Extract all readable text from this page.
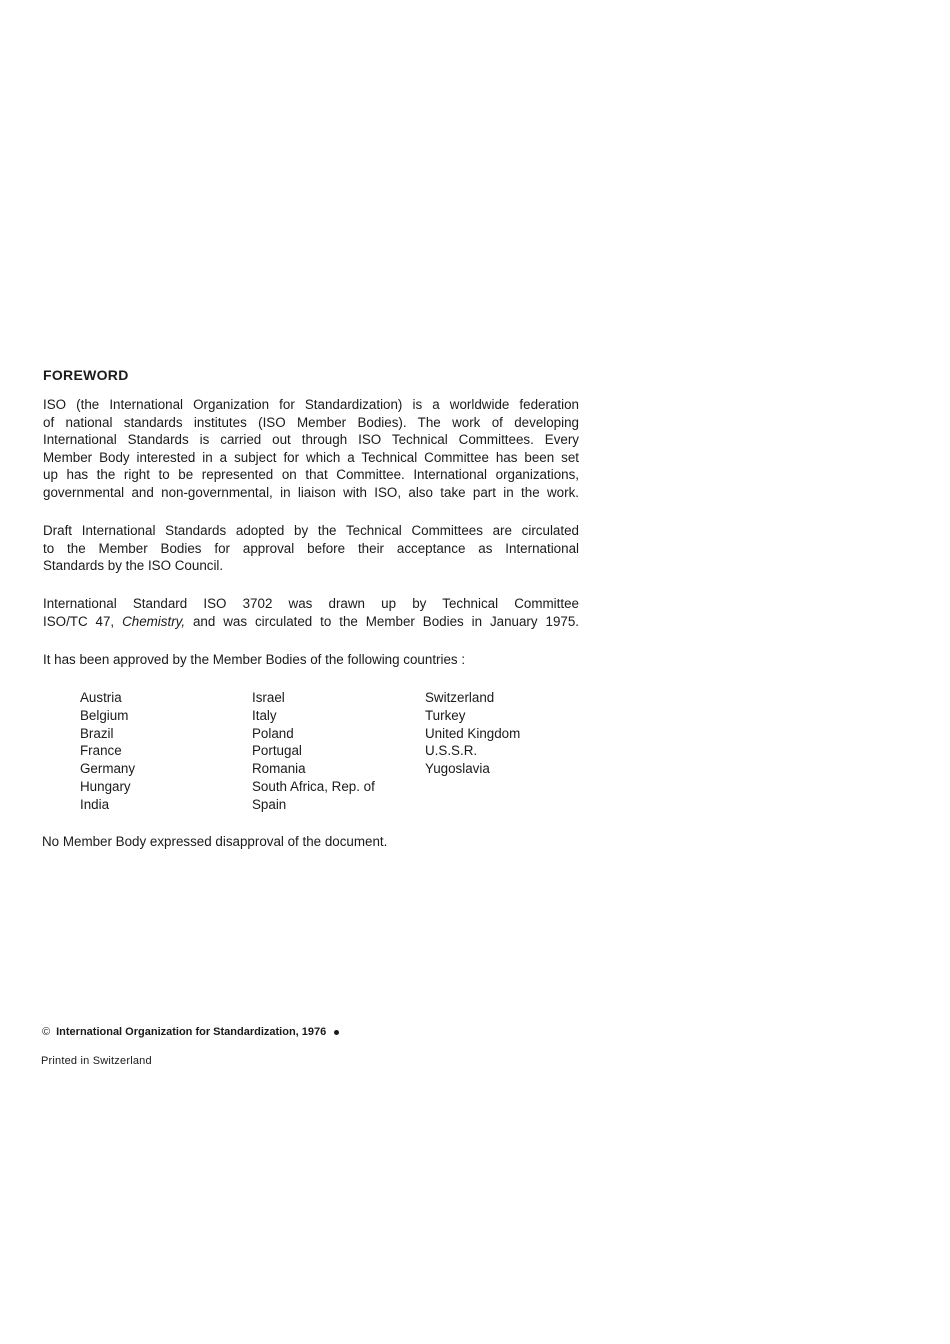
FOREWORD
ISO (the International Organization for Standardization) is a worldwide federation
of national standards institutes (ISO Member Bodies). The work of developing
International Standards is carried out through ISO Technical Committees. Every
Member Body interested in a subject for which a Technical Committee has been set
up has the right to be represented on that Committee. International organizations,
governmental and non-governmental, in liaison with ISO, also take part in the work.
Draft International Standards adopted by the Technical Committees are circulated
to the Member Bodies for approval before their acceptance as International
Standards by the ISO Council.
International Standard ISO 3702 was drawn up by Technical Committee
ISO/TC 47, Chemistry, and was circulated to the Member Bodies in January 1975.
It has been approved by the Member Bodies of the following countries :
Austria
Belgium
Brazil
France
Germany
Hungary
India
Israel
Italy
Poland
Portugal
Romania
South Africa, Rep. of
Spain
Switzerland
Turkey
United Kingdom
U.S.S.R.
Yugoslavia
No Member Body expressed disapproval of the document.
© International Organization for Standardization, 1976
Printed in Switzerland
